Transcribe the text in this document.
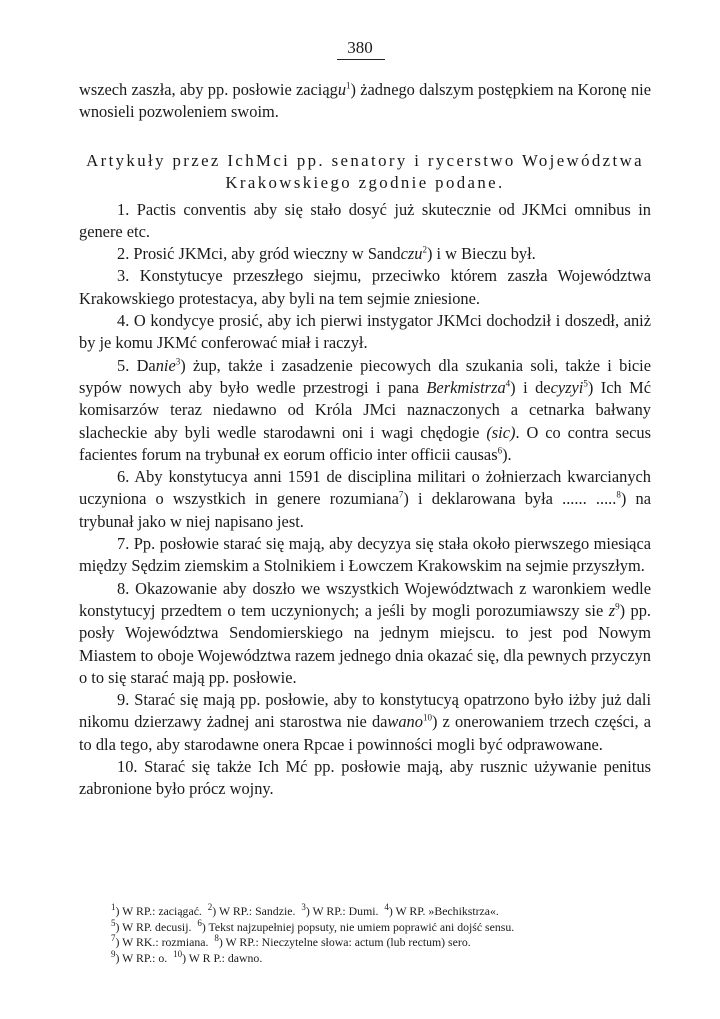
380

wszech zaszła, aby pp. posłowie zaciągu$^1$) żadnego dalszym postępkiem na Koronę nie wnosieli pozwoleniem swoim.

Artykuły przez IchMci pp. senatory i rycerstwo Województwa Krakowskiego zgodnie podane.

1. Pactis conventis aby się stało dosyć już skutecznie od JKMci omnibus in genere etc.

2. Prosić JKMci, aby gród wieczny w Sandczu$^2$) i w Bieczu był.

3. Konstytucye przeszłego siejmu, przeciwko którem zaszła Województwa Krakowskiego protestacya, aby byli na tem sejmie zniesione.

4. O kondycye prosić, aby ich pierwi instygator JKMci dochodził i doszedł, aniż by je komu JKMć conferować miał i raczył.

5. Danie$^3$) żup, także i zasadzenie piecowych dla szukania soli, także i bicie sypów nowych aby było wedle przestrogi i pana Berkmistrza$^4$) i decyzyi$^5$) Ich Mć komisarzów teraz niedawno od Króla JMci naznaczonych a cetnarka bałwany slacheckie aby byli wedle starodawni oni i wagi chędogie (sic). O co contra secus facientes forum na trybunał ex eorum officio inter officii causas$^6$).

6. Aby konstytucya anni 1591 de disciplina militari o żołnierzach kwarcianych uczyniona o wszystkich in genere rozumiana$^7$) i deklarowana była ...... .....$^8$) na trybunał jako w niej napisano jest.

7. Pp. posłowie starać się mają, aby decyzya się stała około pierwszego miesiąca między Sędzim ziemskim a Stolnikiem i Łowczem Krakowskim na sejmie przyszłym.

8. Okazowanie aby doszło we wszystkich Województwach z waronkiem wedle konstytucyj przedtem o tem uczynionych; a jeśli by mogli porozumiawszy sie $z^9$) pp. posły Województwa Sendomierskiego na jednym miejscu. to jest pod Nowym Miastem to oboje Województwa razem jednego dnia okazać się, dla pewnych przyczyn o to się starać mają pp. posłowie.

9. Starać się mają pp. posłowie, aby to konstytucyą opatrzono było iżby już dali nikomu dzierzawy żadnej ani starostwa nie dawano$^{10}$) z onerowaniem trzech części, a to dla tego, aby starodawne onera Rpcae i powinności mogli być odprawowane.

10. Starać się także Ich Mć pp. posłowie mają, aby rusznic używanie penitus zabronione było prócz wojny.

$^1$) W RP.: zaciągać.  $^2$) W RP.: Sandzie.  $^3$) W RP.: Dumi.  $^4$) W RP. »Bechikstrza«.
$^5$) W RP. decusij.  $^6$) Tekst najzupełniej popsuty, nie umiem poprawić ani dojść sensu.
$^7$) W RK.: rozmiana.  $^8$) W RP.: Nieczytelne słowa: actum (lub rectum) sero.
$^9$) W RP.: o.  $^{10}$) W R P.: dawno.
